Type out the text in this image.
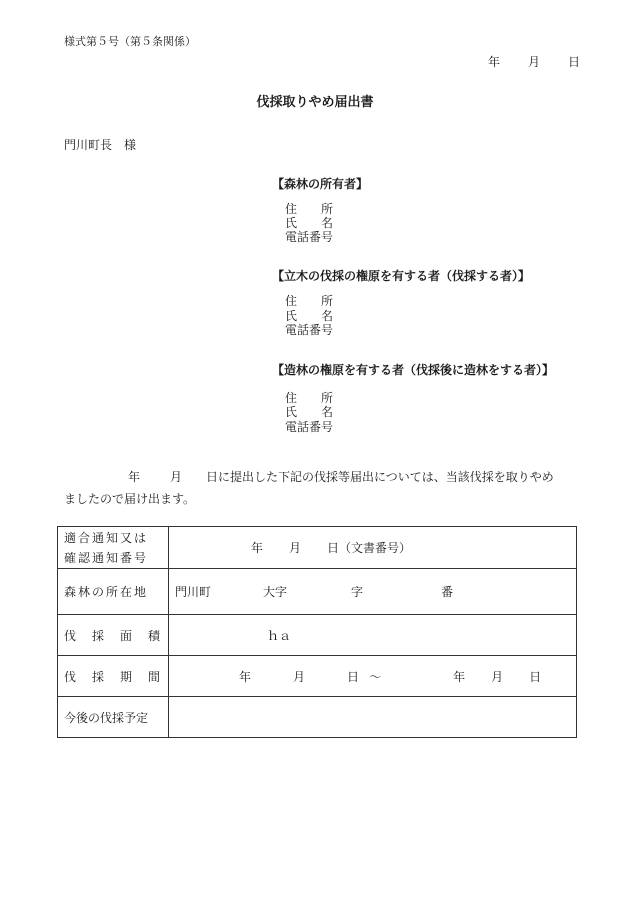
様式第５号（第５条関係）
年 月 日
伐採取りやめ届出書
門川町長　様
【森林の所有者】
住　　所
氏　　名
電話番号
【立木の伐採の権原を有する者（伐採する者）】
住　　所
氏　　名
電話番号
【造林の権原を有する者（伐採後に造林をする者）】
住　　所
氏　　名
電話番号
年	月 日に提出した下記の伐採等届出については、当該伐採を取りやめ
ましたので届け出ます。
適合通知又は
確認通知番号	年 月 日（文書番号）
森林の所在地	門川町 大字 字 番
伐　採　面　積	ｈａ
伐　採　期　間	年 月 日 ～ 年 月 日
今後の伐採予定	
